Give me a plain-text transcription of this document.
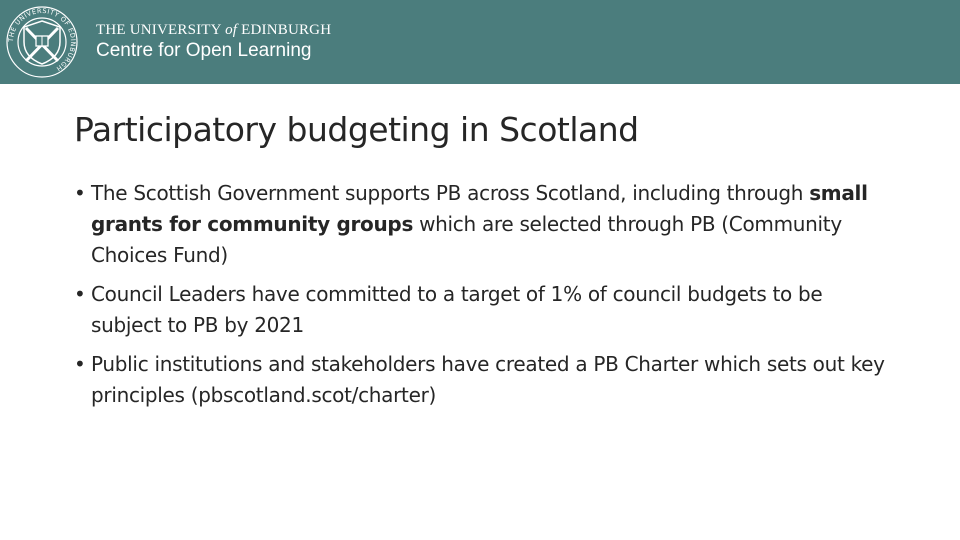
THE UNIVERSITY OF EDINBURGH
THE UNIVERSITY of EDINBURGH
Centre for Open Learning
Participatory budgeting in Scotland
• The Scottish Government supports PB across Scotland, including through small grants for community groups which are selected through PB (Community Choices Fund)
• Council Leaders have committed to a target of 1% of council budgets to be subject to PB by 2021
• Public institutions and stakeholders have created a PB Charter which sets out key principles (pbscotland.scot/charter)
